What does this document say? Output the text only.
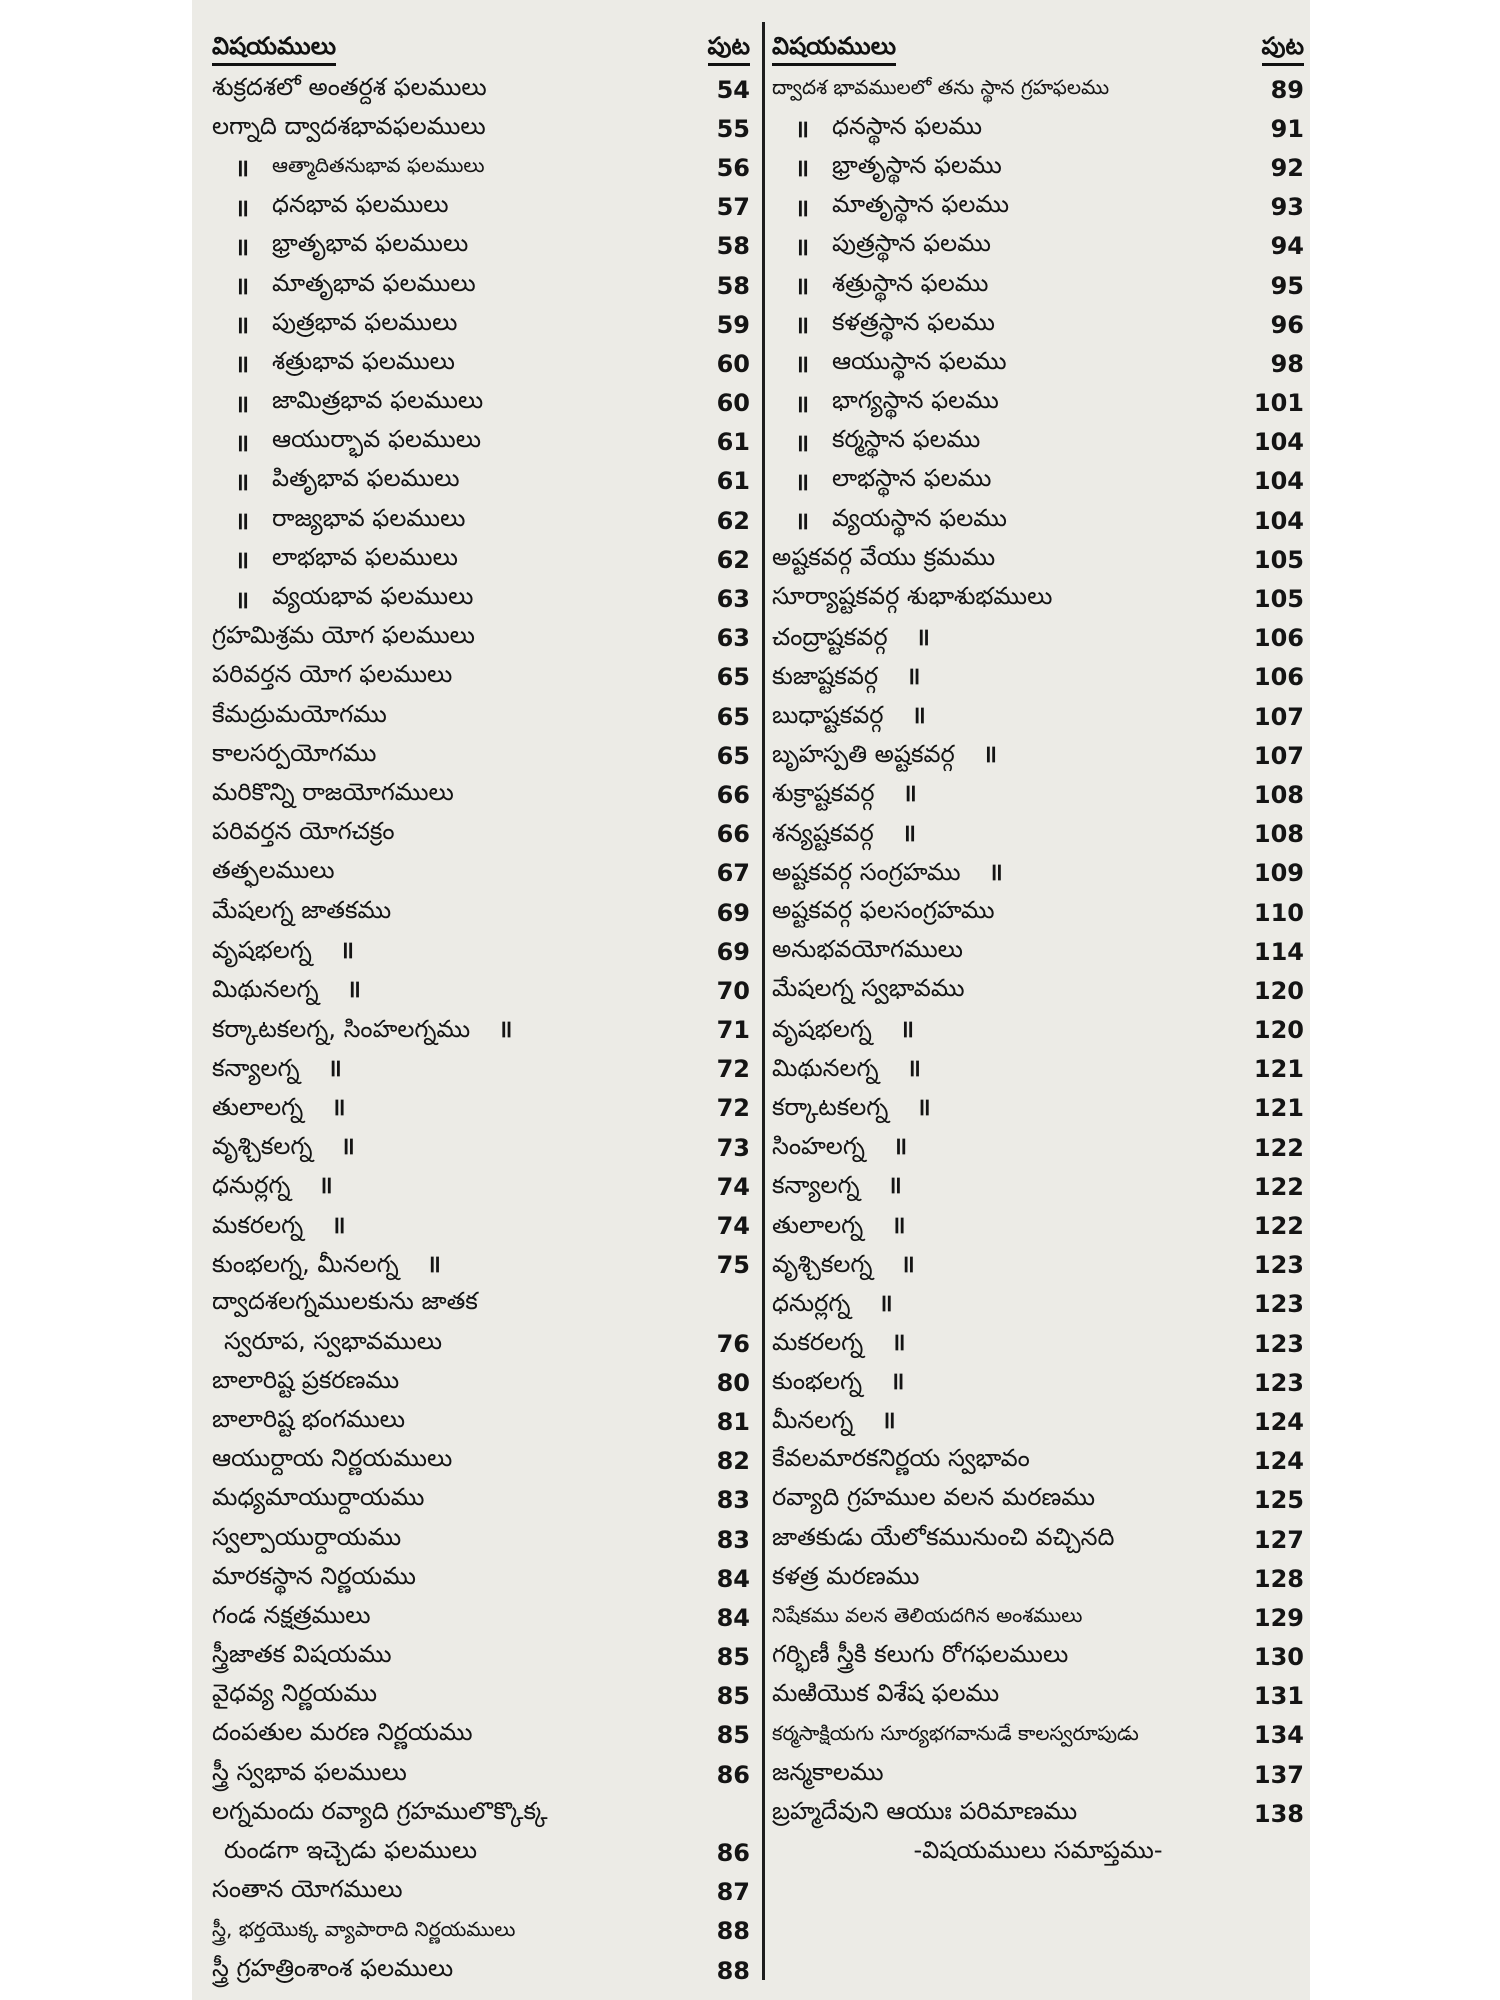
విషయములు	పుట
శుక్రదశలో అంతర్దశ ఫలములు	54
లగ్నాది ద్వాదశభావఫలములు	55
॥	ఆత్మాదితనుభావ ఫలములు	56
॥ ధనభావ ఫలములు	57
॥ భ్రాతృభావ ఫలములు	58
॥ మాతృభావ ఫలములు	58
॥ పుత్రభావ ఫలములు	59
॥ శత్రుభావ ఫలములు	60
॥ జామిత్రభావ ఫలములు	60
॥ ఆయుర్భావ ఫలములు	61
॥ పితృభావ ఫలములు	61
॥ రాజ్యభావ ఫలములు	62
॥ లాభభావ ఫలములు	62
॥ వ్యయభావ ఫలములు	63
గ్రహమిశ్రమ యోగ ఫలములు	63
పరివర్తన యోగ ఫలములు	65
కేమద్రుమయోగము	65
కాలసర్పయోగము	65
మరికొన్ని రాజయోగములు	66
పరివర్తన యోగచక్రం	66
తత్ఫలములు	67
మేషలగ్న జాతకము	69
వృషభలగ్న ॥	69
మిథునలగ్న ॥	70
కర్కాటకలగ్న, సింహలగ్నము ॥	71
కన్యాలగ్న ॥	72
తులాలగ్న ॥	72
వృశ్చికలగ్న ॥	73
ధనుర్లగ్న ॥	74
మకరలగ్న ॥	74
కుంభలగ్న, మీనలగ్న ॥	75
ద్వాదశలగ్నములకును జాతక
స్వరూప, స్వభావములు	76
బాలారిష్ట ప్రకరణము	80
బాలారిష్ట భంగములు	81
ఆయుర్దాయ నిర్ణయములు	82
మధ్యమాయుర్దాయము	83
స్వల్పాయుర్దాయము	83
మారకస్థాన నిర్ణయము	84
గండ నక్షత్రములు	84
స్త్రీజాతక విషయము	85
వైధవ్య నిర్ణయము	85
దంపతుల మరణ నిర్ణయము	85
స్త్రీ స్వభావ ఫలములు	86
లగ్నమందు రవ్యాది గ్రహములొక్కొక్క
రుండగా ఇచ్చెడు ఫలములు	86
సంతాన యోగములు	87
స్త్రీ, భర్తయొక్క వ్యాపారాది నిర్ణయములు	88
స్త్రీ గ్రహత్రింశాంశ ఫలములు	88
విషయములు	పుట
ద్వాదశ భావములలో తను స్థాన గ్రహఫలము	89
॥ ధనస్థాన ఫలము	91
॥ భ్రాతృస్థాన ఫలము	92
॥ మాతృస్థాన ఫలము	93
॥ పుత్రస్థాన ఫలము	94
॥ శత్రుస్థాన ఫలము	95
॥ కళత్రస్థాన ఫలము	96
॥ ఆయుస్థాన ఫలము	98
॥ భాగ్యస్థాన ఫలము	101
॥ కర్మస్థాన ఫలము	104
॥ లాభస్థాన ఫలము	104
॥ వ్యయస్థాన ఫలము	104
అష్టకవర్గ వేయు క్రమము	105
సూర్యాష్టకవర్గ శుభాశుభములు	105
చంద్రాష్టకవర్గ ॥	106
కుజాష్టకవర్గ ॥	106
బుధాష్టకవర్గ ॥	107
బృహస్పతి అష్టకవర్గ ॥	107
శుక్రాష్టకవర్గ ॥	108
శన్యష్టకవర్గ ॥	108
అష్టకవర్గ సంగ్రహము ॥	109
అష్టకవర్గ ఫలసంగ్రహము	110
అనుభవయోగములు	114
మేషలగ్న స్వభావము	120
వృషభలగ్న ॥	120
మిథునలగ్న ॥	121
కర్కాటకలగ్న ॥	121
సింహలగ్న ॥	122
కన్యాలగ్న ॥	122
తులాలగ్న ॥	122
వృశ్చికలగ్న ॥	123
ధనుర్లగ్న ॥	123
మకరలగ్న ॥	123
కుంభలగ్న ॥	123
మీనలగ్న ॥	124
కేవలమారకనిర్ణయ స్వభావం	124
రవ్యాది గ్రహముల వలన మరణము	125
జాతకుడు యేలోకమునుంచి వచ్చినది	127
కళత్ర మరణము	128
నిషేకము వలన తెలియదగిన అంశములు	129
గర్భిణీ స్త్రీకి కలుగు రోగఫలములు	130
మఱియొక విశేష ఫలము	131
కర్మసాక్షియగు సూర్యభగవానుడే కాలస్వరూపుడు	134
జన్మకాలము	137
బ్రహ్మదేవుని ఆయుః పరిమాణము	138
-విషయములు సమాప్తము-
